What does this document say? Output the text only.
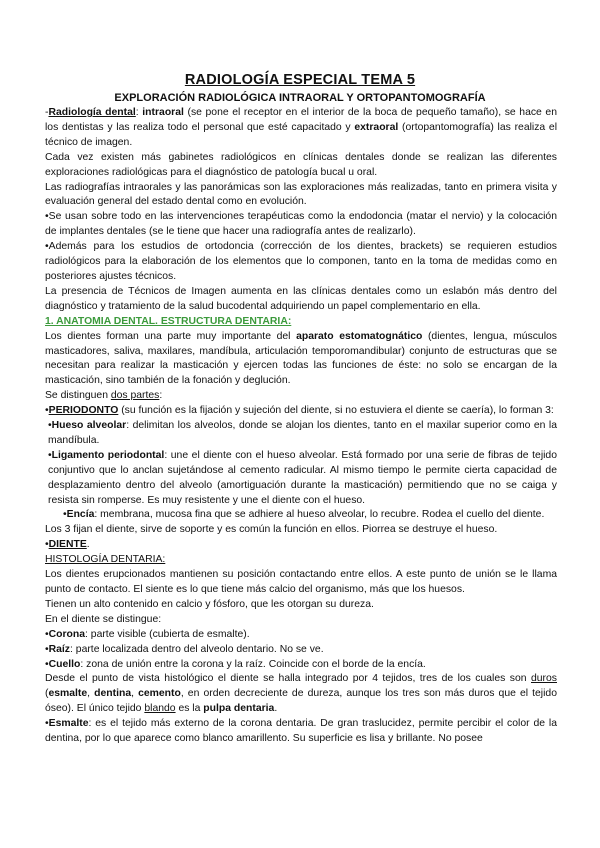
RADIOLOGÍA ESPECIAL TEMA 5
EXPLORACIÓN RADIOLÓGICA INTRAORAL Y ORTOPANTOMOGRAFÍA

-Radiología dental: intraoral (se pone el receptor en el interior de la boca de pequeño tamaño), se hace en los dentistas y las realiza todo el personal que esté capacitado y extraoral (ortopantomografía) las realiza el técnico de imagen.

Cada vez existen más gabinetes radiológicos en clínicas dentales donde se realizan las diferentes exploraciones radiológicas para el diagnóstico de patología bucal u oral.

Las radiografías intraorales y las panorámicas son las exploraciones más realizadas, tanto en primera visita y evaluación general del estado dental como en evolución.

•Se usan sobre todo en las intervenciones terapéuticas como la endodoncia (matar el nervio) y la colocación de implantes dentales (se le tiene que hacer una radiografía antes de realizarlo).

•Además para los estudios de ortodoncia (corrección de los dientes, brackets) se requieren estudios radiológicos para la elaboración de los elementos que lo componen, tanto en la toma de medidas como en posteriores ajustes técnicos.

La presencia de Técnicos de Imagen aumenta en las clínicas dentales como un eslabón más dentro del diagnóstico y tratamiento de la salud bucodental adquiriendo un papel complementario en ella.

1. ANATOMIA DENTAL. ESTRUCTURA DENTARIA:

Los dientes forman una parte muy importante del aparato estomatognático (dientes, lengua, músculos masticadores, saliva, maxilares, mandíbula, articulación temporomandibular) conjunto de estructuras que se necesitan para realizar la masticación y ejercen todas las funciones de éste: no solo se encargan de la masticación, sino también de la fonación y deglución.

Se distinguen dos partes:

•PERIODONTO (su función es la fijación y sujeción del diente, si no estuviera el diente se caería), lo forman 3:

•Hueso alveolar: delimitan los alveolos, donde se alojan los dientes, tanto en el maxilar superior como en la mandíbula.

•Ligamento periodontal: une el diente con el hueso alveolar. Está formado por una serie de fibras de tejido conjuntivo que lo anclan sujetándose al cemento radicular. Al mismo tiempo le permite cierta capacidad de desplazamiento dentro del alveolo (amortiguación durante la masticación) permitiendo que no se caiga y resista sin romperse. Es muy resistente y une el diente con el hueso.

•Encía: membrana, mucosa fina que se adhiere al hueso alveolar, lo recubre. Rodea el cuello del diente.

Los 3 fijan el diente, sirve de soporte y es común la función en ellos. Piorrea se destruye el hueso.

•DIENTE.

HISTOLOGÍA DENTARIA:

Los dientes erupcionados mantienen su posición contactando entre ellos. A este punto de unión se le llama punto de contacto. El siente es lo que tiene más calcio del organismo, más que los huesos.

Tienen un alto contenido en calcio y fósforo, que les otorgan su dureza.

En el diente se distingue:

•Corona: parte visible (cubierta de esmalte).

•Raíz: parte localizada dentro del alveolo dentario. No se ve.

•Cuello: zona de unión entre la corona y la raíz. Coincide con el borde de la encía.

Desde el punto de vista histológico el diente se halla integrado por 4 tejidos, tres de los cuales son duros (esmalte, dentina, cemento, en orden decreciente de dureza, aunque los tres son más duros que el tejido óseo). El único tejido blando es la pulpa dentaria.

•Esmalte: es el tejido más externo de la corona dentaria. De gran traslucidez, permite percibir el color de la dentina, por lo que aparece como blanco amarillento. Su superficie es lisa y brillante. No posee
